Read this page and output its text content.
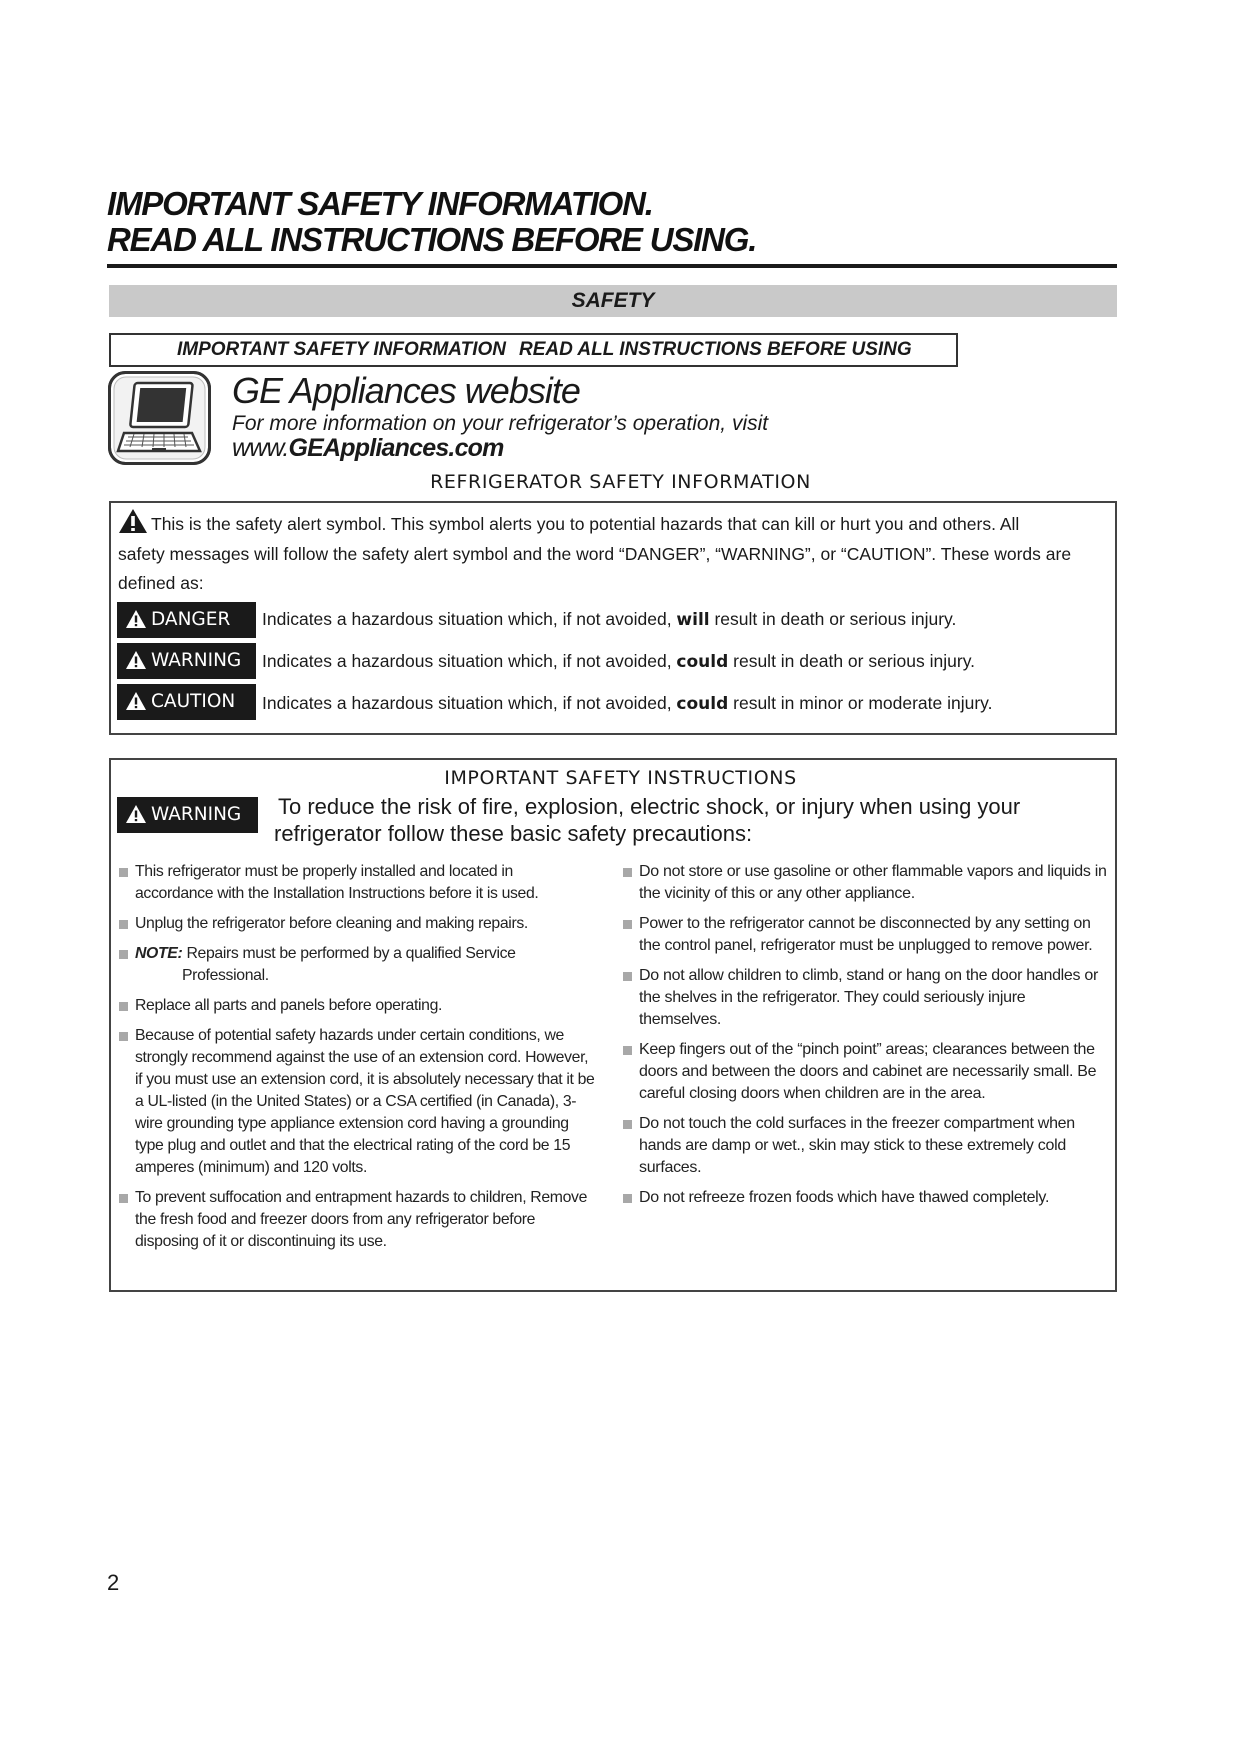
IMPORTANT SAFETY INFORMATION.
READ ALL INSTRUCTIONS BEFORE USING.
SAFETY
IMPORTANT SAFETY INFORMATION READ ALL INSTRUCTIONS BEFORE USING
GE Appliances website
For more information on your refrigerator’s operation, visit
www.GEAppliances.com
REFRIGERATOR SAFETY INFORMATION
This is the safety alert symbol. This symbol alerts you to potential hazards that can kill or hurt you and others. All
safety messages will follow the safety alert symbol and the word “DANGER”, “WARNING”, or “CAUTION”. These words are
defined as:
DANGER	Indicates a hazardous situation which, if not avoided, will result in death or serious injury.
WARNING	Indicates a hazardous situation which, if not avoided, could result in death or serious injury.
CAUTION	Indicates a hazardous situation which, if not avoided, could result in minor or moderate injury.
IMPORTANT SAFETY INSTRUCTIONS
WARNING	To reduce the risk of fire, explosion, electric shock, or injury when using your
refrigerator follow these basic safety precautions:
This refrigerator must be properly installed and located in accordance with the Installation Instructions before it is used.
Unplug the refrigerator before cleaning and making repairs.
NOTE: Repairs must be performed by a qualified Service
Professional.
Replace all parts and panels before operating.
Because of potential safety hazards under certain conditions, we strongly recommend against the use of an extension cord. However, if you must use an extension cord, it is absolutely necessary that it be a UL-listed (in the United States) or a CSA certified (in Canada), 3-wire grounding type appliance extension cord having a grounding type plug and outlet and that the electrical rating of the cord be 15 amperes (minimum) and 120 volts.
To prevent suffocation and entrapment hazards to children, Remove the fresh food and freezer doors from any refrigerator before disposing of it or discontinuing its use.
Do not store or use gasoline or other flammable vapors and liquids in the vicinity of this or any other appliance.
Power to the refrigerator cannot be disconnected by any setting on the control panel, refrigerator must be unplugged to remove power.
Do not allow children to climb, stand or hang on the door handles or the shelves in the refrigerator. They could seriously injure themselves.
Keep fingers out of the “pinch point” areas; clearances between the doors and between the doors and cabinet are necessarily small. Be careful closing doors when children are in the area.
Do not touch the cold surfaces in the freezer compartment when hands are damp or wet., skin may stick to these extremely cold surfaces.
Do not refreeze frozen foods which have thawed completely.
2
